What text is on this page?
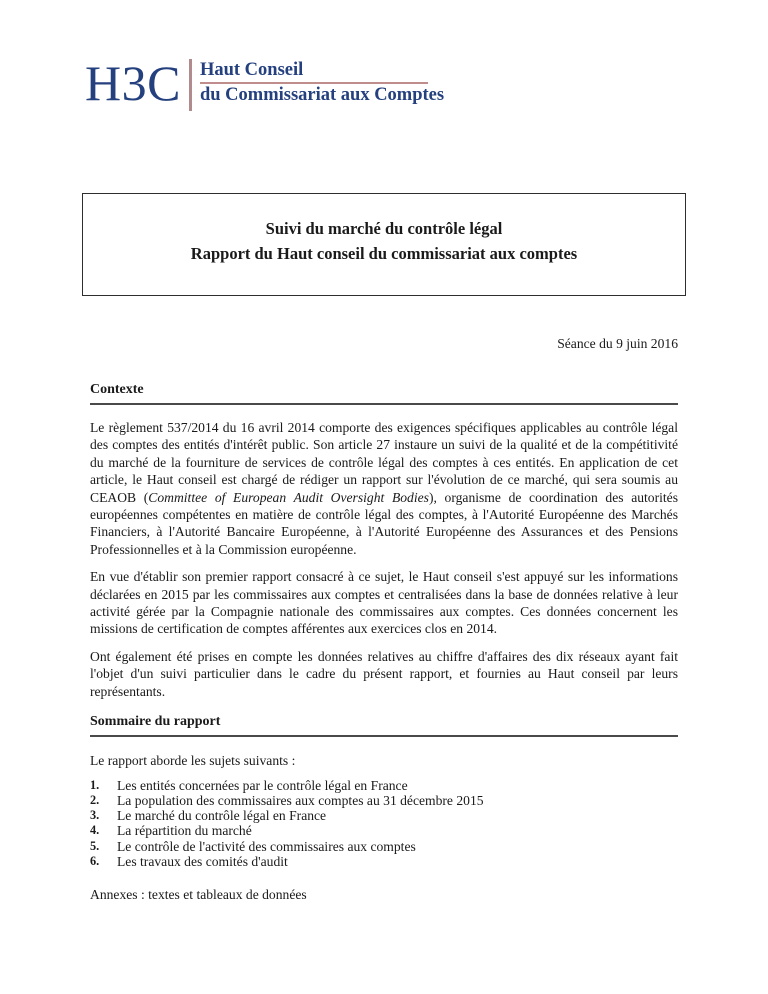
H3C Haut Conseil
du Commissariat aux Comptes
Suivi du marché du contrôle légal
Rapport du Haut conseil du commissariat aux comptes
Séance du 9 juin 2016
Contexte

Le règlement 537/2014 du 16 avril 2014 comporte des exigences spécifiques applicables au contrôle légal des comptes des entités d'intérêt public. Son article 27 instaure un suivi de la qualité et de la compétitivité du marché de la fourniture de services de contrôle légal des comptes à ces entités. En application de cet article, le Haut conseil est chargé de rédiger un rapport sur l'évolution de ce marché, qui sera soumis au CEAOB (Committee of European Audit Oversight Bodies), organisme de coordination des autorités européennes compétentes en matière de contrôle légal des comptes, à l'Autorité Européenne des Marchés Financiers, à l'Autorité Bancaire Européenne, à l'Autorité Européenne des Assurances et des Pensions Professionnelles et à la Commission européenne.

En vue d'établir son premier rapport consacré à ce sujet, le Haut conseil s'est appuyé sur les informations déclarées en 2015 par les commissaires aux comptes et centralisées dans la base de données relative à leur activité gérée par la Compagnie nationale des commissaires aux comptes. Ces données concernent les missions de certification de comptes afférentes aux exercices clos en 2014.

Ont également été prises en compte les données relatives au chiffre d'affaires des dix réseaux ayant fait l'objet d'un suivi particulier dans le cadre du présent rapport, et fournies au Haut conseil par leurs représentants.

Sommaire du rapport

Le rapport aborde les sujets suivants :

1.	Les entités concernées par le contrôle légal en France
2.	La population des commissaires aux comptes au 31 décembre 2015
3.	Le marché du contrôle légal en France
4.	La répartition du marché
5.	Le contrôle de l'activité des commissaires aux comptes
6.	Les travaux des comités d'audit

Annexes : textes et tableaux de données
